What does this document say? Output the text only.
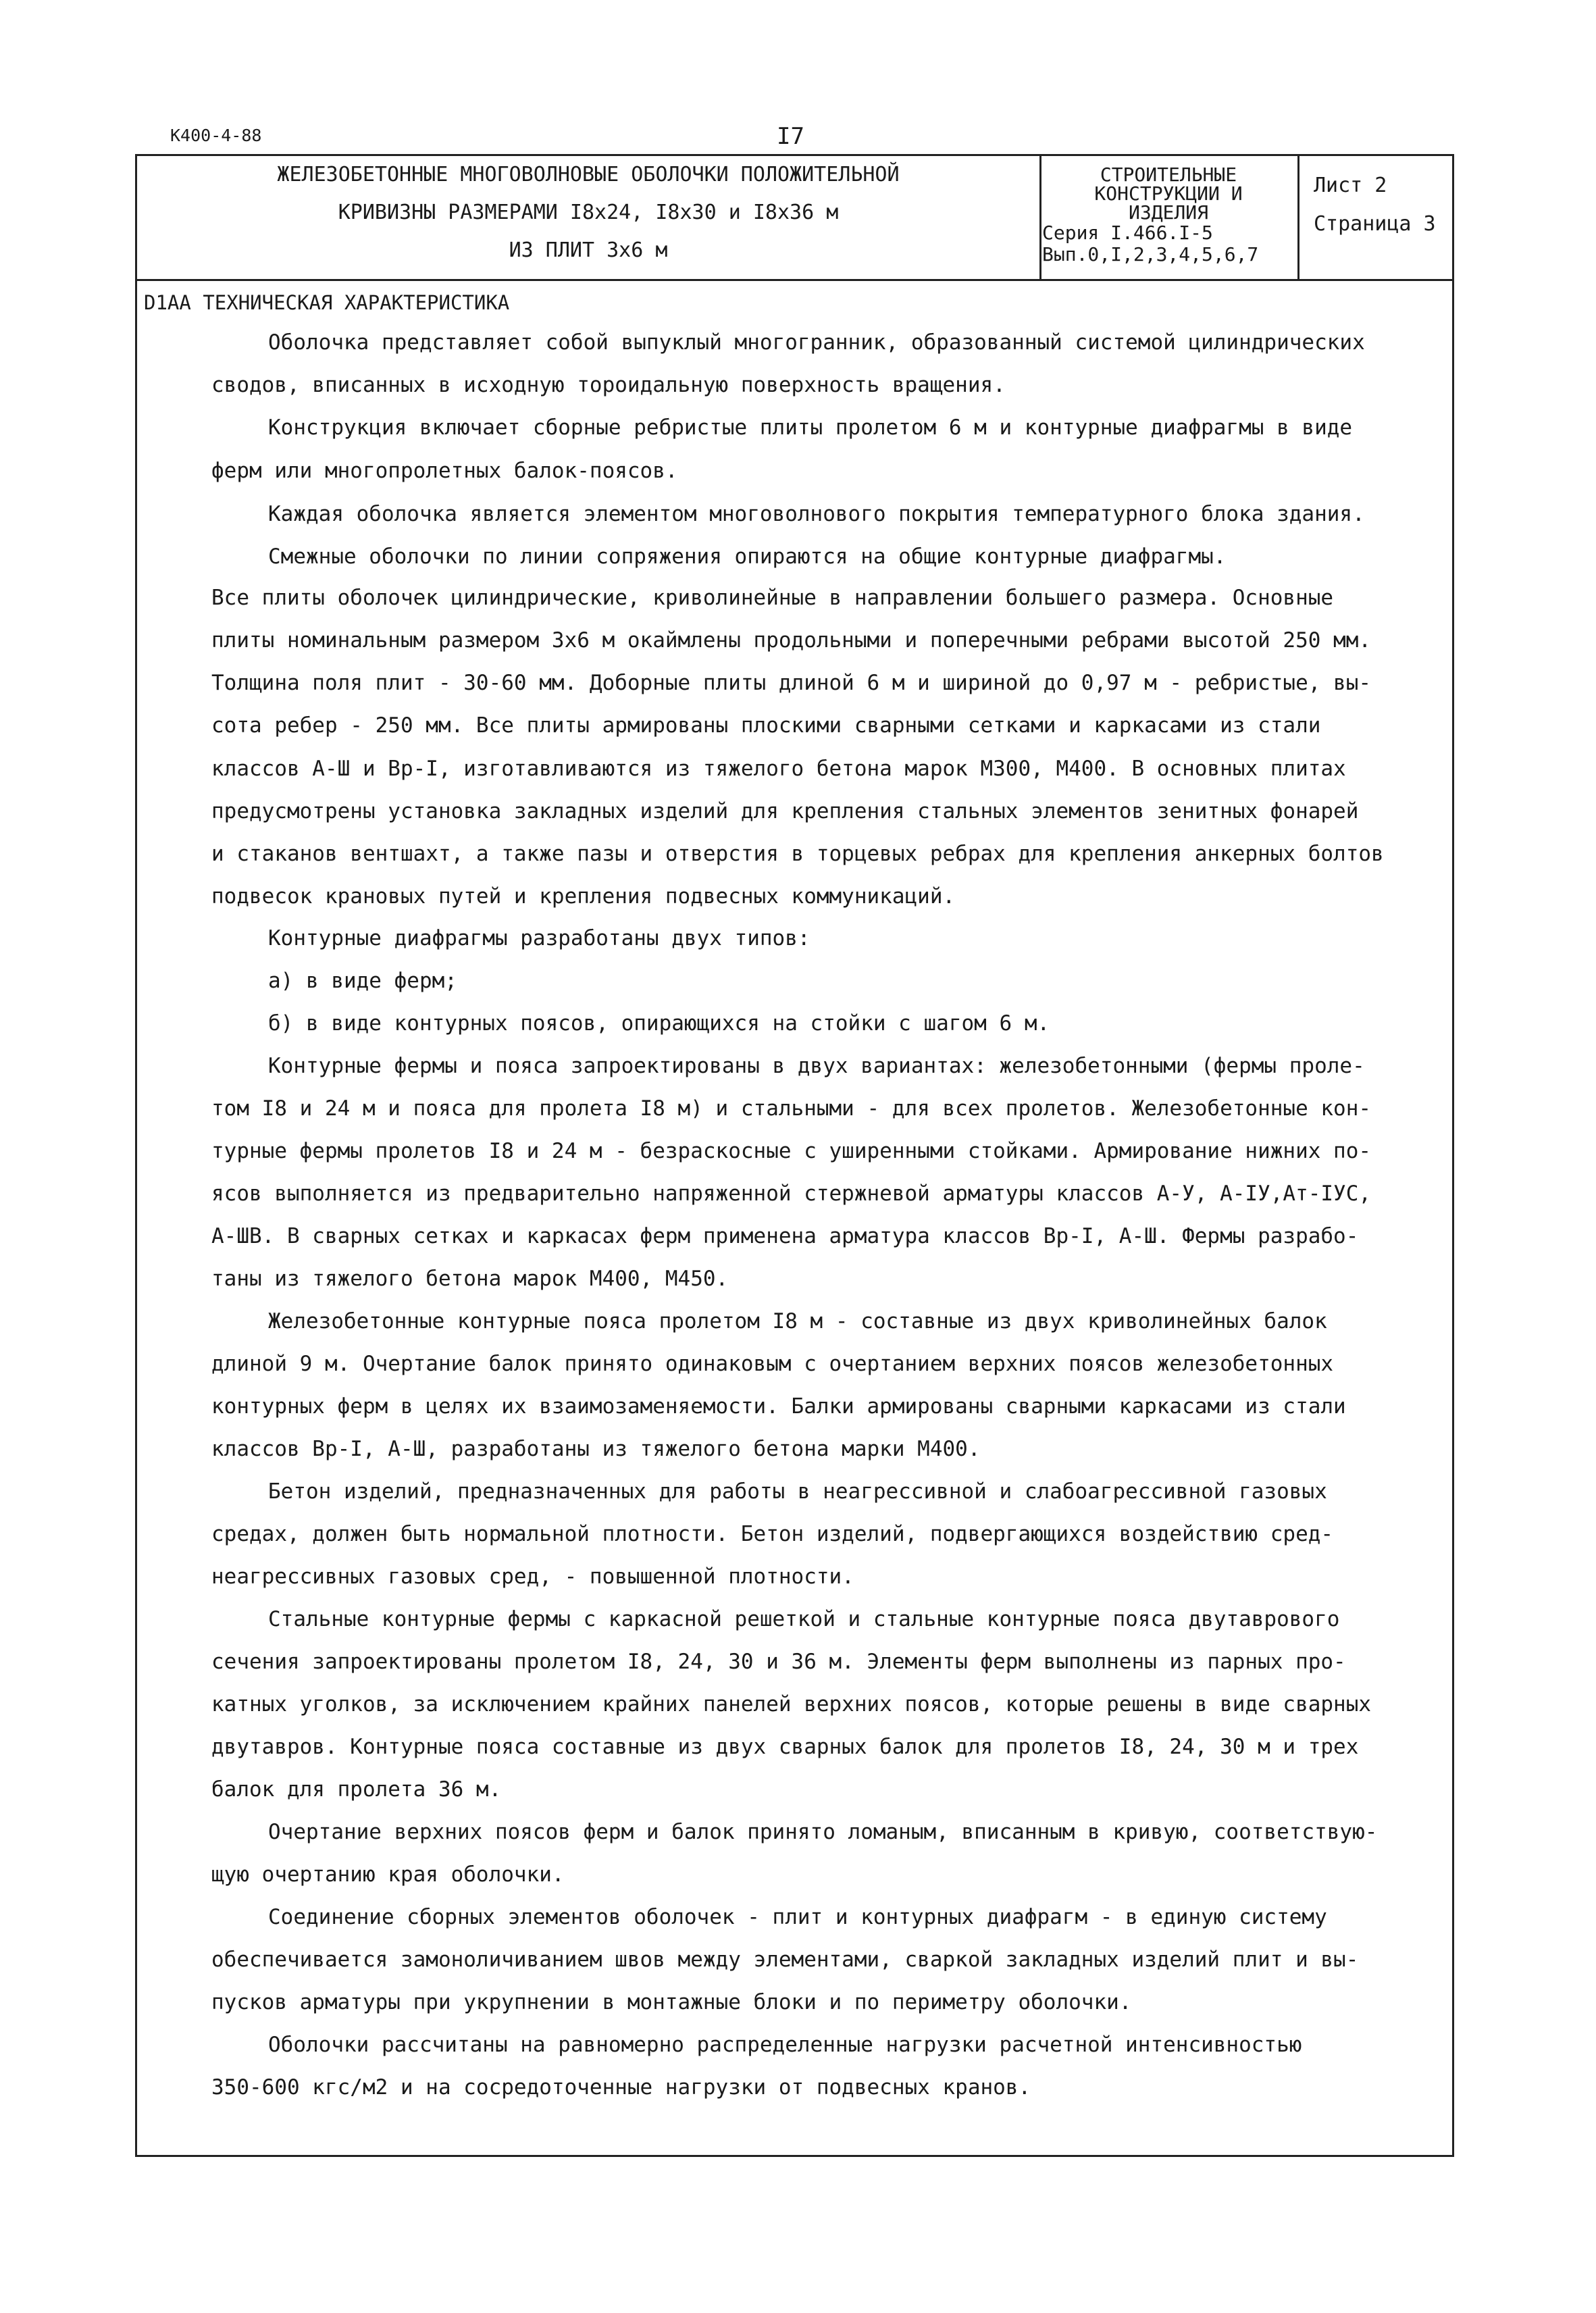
К400-4-88	I7
ЖЕЛЕЗОБЕТОННЫЕ МНОГОВОЛНОВЫЕ ОБОЛОЧКИ ПОЛОЖИТЕЛЬНОЙ
КРИВИЗНЫ РАЗМЕРАМИ I8х24, I8х30 и I8х36 м
ИЗ ПЛИТ 3х6 м
СТРОИТЕЛЬНЫЕ
КОНСТРУКЦИИ И
ИЗДЕЛИЯ
Серия I.466.I-5
Вып.0,I,2,3,4,5,6,7
Лист 2
Страница 3
D1АА ТЕХНИЧЕСКАЯ ХАРАКТЕРИСТИКА
Оболочка представляет собой выпуклый многогранник, образованный системой цилиндрических
сводов, вписанных в исходную тороидальную поверхность вращения.
Конструкция включает сборные ребристые плиты пролетом 6 м и контурные диафрагмы в виде
ферм или многопролетных балок-поясов.
Каждая оболочка является элементом многоволнового покрытия температурного блока здания.
Смежные оболочки по линии сопряжения опираются на общие контурные диафрагмы.
Все плиты оболочек цилиндрические, криволинейные в направлении большего размера. Основные
плиты номинальным размером 3х6 м окаймлены продольными и поперечными ребрами высотой 250 мм.
Толщина поля плит - 30-60 мм. Доборные плиты длиной 6 м и шириной до 0,97 м - ребристые, вы-
сота ребер - 250 мм. Все плиты армированы плоскими сварными сетками и каркасами из стали
классов А-Ш и Вр-I, изготавливаются из тяжелого бетона марок М300, М400. В основных плитах
предусмотрены установка закладных изделий для крепления стальных элементов зенитных фонарей
и стаканов вентшахт, а также пазы и отверстия в торцевых ребрах для крепления анкерных болтов
подвесок крановых путей и крепления подвесных коммуникаций.
Контурные диафрагмы разработаны двух типов:
а) в виде ферм;
б) в виде контурных поясов, опирающихся на стойки с шагом 6 м.
Контурные фермы и пояса запроектированы в двух вариантах: железобетонными (фермы проле-
том I8 и 24 м и пояса для пролета I8 м) и стальными - для всех пролетов. Железобетонные кон-
турные фермы пролетов I8 и 24 м - безраскосные с уширенными стойками. Армирование нижних по-
ясов выполняется из предварительно напряженной стержневой арматуры классов А-У, А-IУ,Ат-IУС,
А-ШВ. В сварных сетках и каркасах ферм применена арматура классов Вр-I, А-Ш. Фермы разрабо-
таны из тяжелого бетона марок М400, М450.
Железобетонные контурные пояса пролетом I8 м - составные из двух криволинейных балок
длиной 9 м. Очертание балок принято одинаковым с очертанием верхних поясов железобетонных
контурных ферм в целях их взаимозаменяемости. Балки армированы сварными каркасами из стали
классов Вр-I, А-Ш, разработаны из тяжелого бетона марки М400.
Бетон изделий, предназначенных для работы в неагрессивной и слабоагрессивной газовых
средах, должен быть нормальной плотности. Бетон изделий, подвергающихся воздействию сред-
неагрессивных газовых сред, - повышенной плотности.
Стальные контурные фермы с каркасной решеткой и стальные контурные пояса двутаврового
сечения запроектированы пролетом I8, 24, 30 и 36 м. Элементы ферм выполнены из парных про-
катных уголков, за исключением крайних панелей верхних поясов, которые решены в виде сварных
двутавров. Контурные пояса составные из двух сварных балок для пролетов I8, 24, 30 м и трех
балок для пролета 36 м.
Очертание верхних поясов ферм и балок принято ломаным, вписанным в кривую, соответствую-
щую очертанию края оболочки.
Соединение сборных элементов оболочек - плит и контурных диафрагм - в единую систему
обеспечивается замоноличиванием швов между элементами, сваркой закладных изделий плит и вы-
пусков арматуры при укрупнении в монтажные блоки и по периметру оболочки.
Оболочки рассчитаны на равномерно распределенные нагрузки расчетной интенсивностью
350-600 кгс/м2 и на сосредоточенные нагрузки от подвесных кранов.
